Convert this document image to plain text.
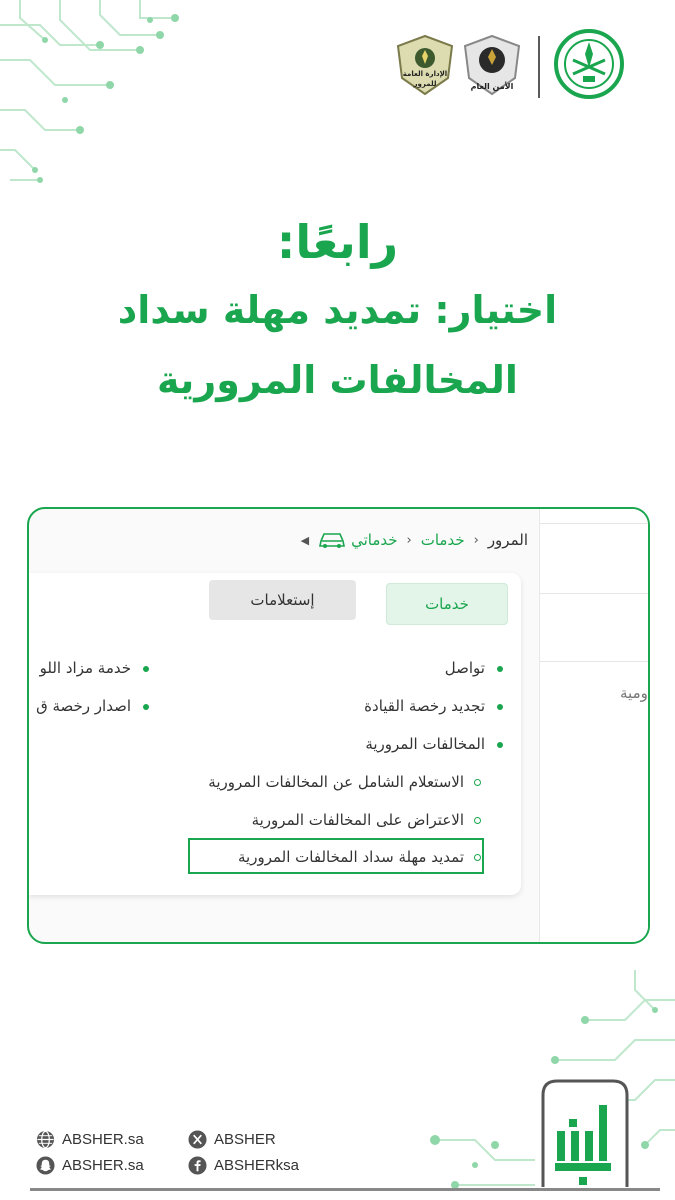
الأمن العام
الإدارة العامة
للمرور
رابعًا:
اختيار: تمديد مهلة سداد
المخالفات المرورية
ومية
◀	خدماتي ‹ خدمات ‹ المرور
خدمات
إستعلامات
تواصل
تجديد رخصة القيادة
المخالفات المرورية
خدمة مزاد اللو
اصدار رخصة ق
الاستعلام الشامل عن المخالفات المرورية
الاعتراض على المخالفات المرورية
تمديد مهلة سداد المخالفات المرورية
ABSHER.sa
ABSHER.sa
ABSHER
ABSHERksa
